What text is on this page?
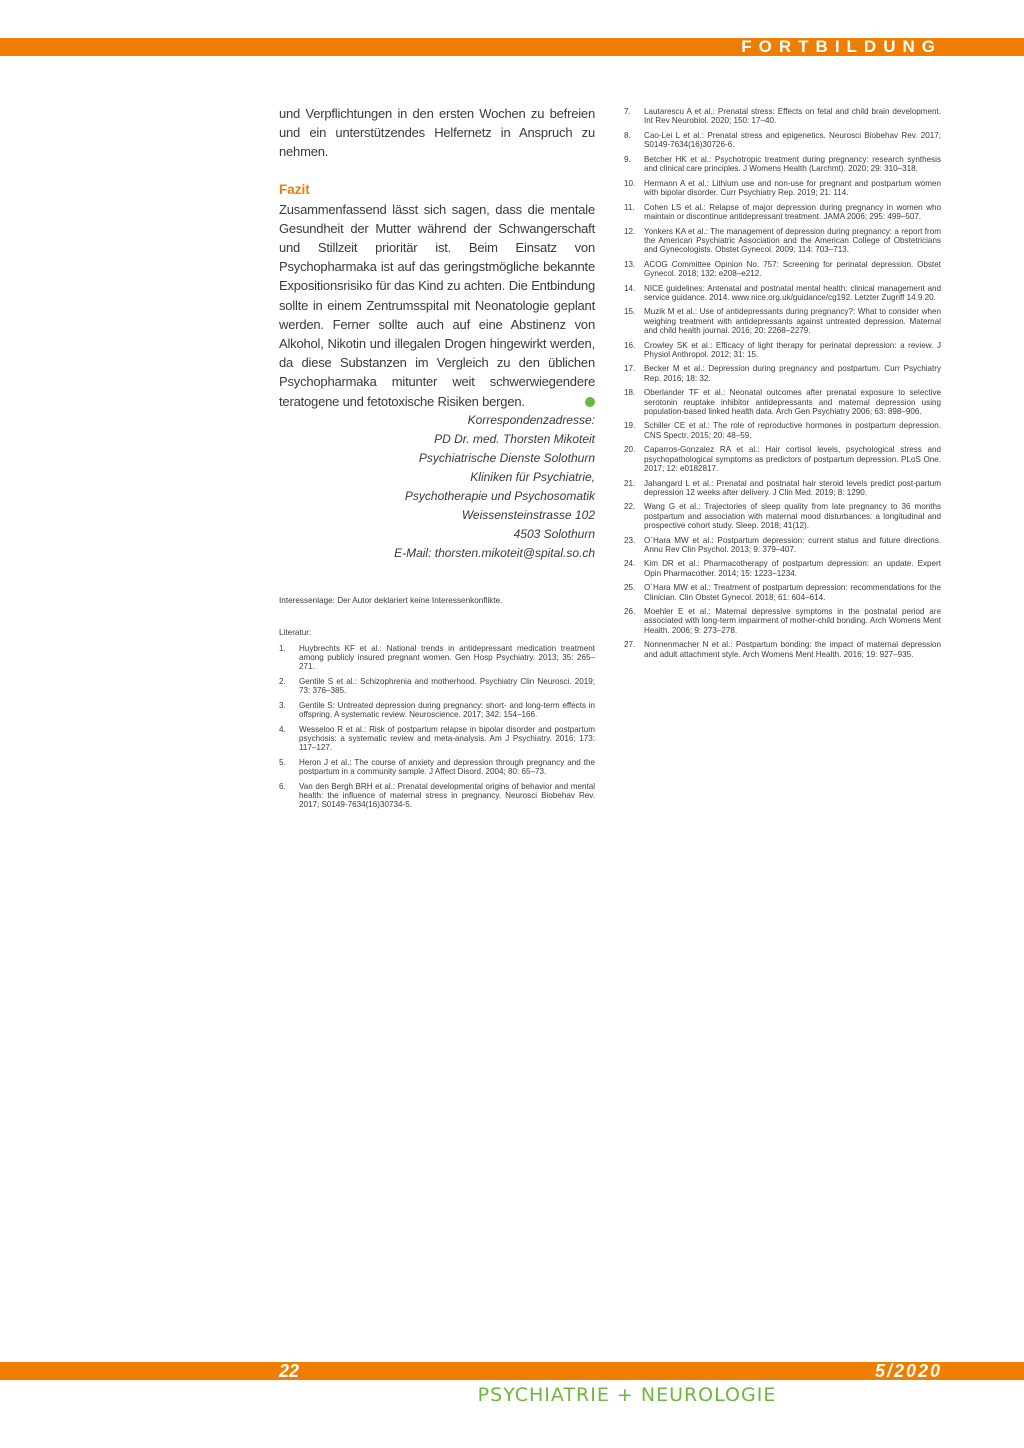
FORTBILDUNG

und Verpflichtungen in den ersten Wochen zu befreien und ein unterstützendes Helfernetz in Anspruch zu nehmen.

Fazit

Zusammenfassend lässt sich sagen, dass die mentale Gesundheit der Mutter während der Schwangerschaft und Stillzeit prioritär ist. Beim Einsatz von Psychopharmaka ist auf das geringstmögliche bekannte Expositionsrisiko für das Kind zu achten. Die Entbindung sollte in einem Zentrumsspital mit Neonatologie geplant werden. Ferner sollte auch auf eine Abstinenz von Alkohol, Nikotin und illegalen Drogen hingewirkt werden, da diese Substanzen im Vergleich zu den üblichen Psychopharmaka mitunter weit schwerwiegendere teratogene und fetotoxische Risiken bergen.

Korrespondenzadresse:
PD Dr. med. Thorsten Mikoteit
Psychiatrische Dienste Solothurn
Kliniken für Psychiatrie,
Psychotherapie und Psychosomatik
Weissensteinstrasse 102
4503 Solothurn
E-Mail: thorsten.mikoteit@spital.so.ch
Interessenlage: Der Autor deklariert keine Interessenkonflikte.
Literatur:
1. Huybrechts KF et al.: National trends in antidepressant medication treatment among publicly insured pregnant women. Gen Hosp Psychiatry. 2013; 35: 265–271.
2. Gentile S et al.: Schizophrenia and motherhood. Psychiatry Clin Neurosci. 2019; 73: 376–385.
3. Gentile S: Untreated depression during pregnancy: short- and long-term effects in offspring. A systematic review. Neuroscience. 2017; 342: 154–166.
4. Wesseloo R et al.: Risk of postpartum relapse in bipolar disorder and postpartum psychosis: a systematic review and meta-analysis. Am J Psychiatry. 2016; 173: 117–127.
5. Heron J et al.: The course of anxiety and depression through pregnancy and the postpartum in a community sample. J Affect Disord. 2004; 80: 65–73.
6. Van den Bergh BRH et al.: Prenatal developmental origins of behavior and mental health: the influence of maternal stress in pregnancy. Neurosci Biobehav Rev. 2017; S0149-7634(16)30734-5.
7. Lautarescu A et al.: Prenatal stress: Effects on fetal and child brain development. Int Rev Neurobiol. 2020; 150: 17–40.
8. Cao-Lei L et al.: Prenatal stress and epigenetics. Neurosci Biobehav Rev. 2017; S0149-7634(16)30726-6.
9. Betcher HK et al.: Psychotropic treatment during pregnancy: research synthesis and clinical care principles. J Womens Health (Larchmt). 2020; 29: 310–318.
10. Hermann A et al.: Lithium use and non-use for pregnant and postpartum women with bipolar disorder. Curr Psychiatry Rep. 2019; 21: 114.
11. Cohen LS et al.: Relapse of major depression during pregnancy in women who maintain or discontinue antidepressant treatment. JAMA 2006; 295: 499–507.
12. Yonkers KA et al.: The management of depression during pregnancy: a report from the American Psychiatric Association and the American College of Obstetricians and Gynecologists. Obstet Gynecol. 2009; 114: 703–713.
13. ACOG Committee Opinion No. 757: Screening for perinatal depression. Obstet Gynecol. 2018; 132: e208–e212.
14. NICE guidelines: Antenatal and postnatal mental health: clinical management and service guidance. 2014. www.nice.org.uk/guidance/cg192. Letzter Zugriff 14.9.20.
15. Muzik M et al.: Use of antidepressants during pregnancy?: What to consider when weighing treatment with antidepressants against untreated depression. Maternal and child health journal. 2016; 20: 2268–2279.
16. Crowley SK et al.: Efficacy of light therapy for perinatal depression: a review. J Physiol Anthropol. 2012; 31: 15.
17. Becker M et al.: Depression during pregnancy and postpartum. Curr Psychiatry Rep. 2016; 18: 32.
18. Oberlander TF et al.: Neonatal outcomes after prenatal exposure to selective serotonin reuptake inhibitor antidepressants and maternal depression using population-based linked health data. Arch Gen Psychiatry 2006; 63: 898–906.
19. Schiller CE et al.: The role of reproductive hormones in postpartum depression. CNS Spectr. 2015; 20: 48–59.
20. Caparros-Gonzalez RA et al.: Hair cortisol levels, psychological stress and psychopathological symptoms as predictors of postpartum depression. PLoS One. 2017; 12: e0182817.
21. Jahangard L et al.: Prenatal and postnatal hair steroid levels predict post-partum depression 12 weeks after delivery. J Clin Med. 2019; 8: 1290.
22. Wang G et al.: Trajectories of sleep quality from late pregnancy to 36 months postpartum and association with maternal mood disturbances: a longitudinal and prospective cohort study. Sleep. 2018; 41(12).
23. O´Hara MW et al.: Postpartum depression: current status and future directions. Annu Rev Clin Psychol. 2013; 9: 379–407.
24. Kim DR et al.: Pharmacotherapy of postpartum depression: an update. Expert Opin Pharmacother. 2014; 15: 1223–1234.
25. O´Hara MW et al.: Treatment of postpartum depression: recommendations for the Clinician. Clin Obstet Gynecol. 2018; 61: 604–614.
26. Moehler E et al.: Maternal depressive symptoms in the postnatal period are associated with long-term impairment of mother-child bonding. Arch Womens Ment Health. 2006; 9: 273–278.
27. Nonnenmacher N et al.: Postpartum bonding: the impact of maternal depression and adult attachment style. Arch Womens Ment Health. 2016; 19: 927–935.
22	5/2020
PSYCHIATRIE + NEUROLOGIE
